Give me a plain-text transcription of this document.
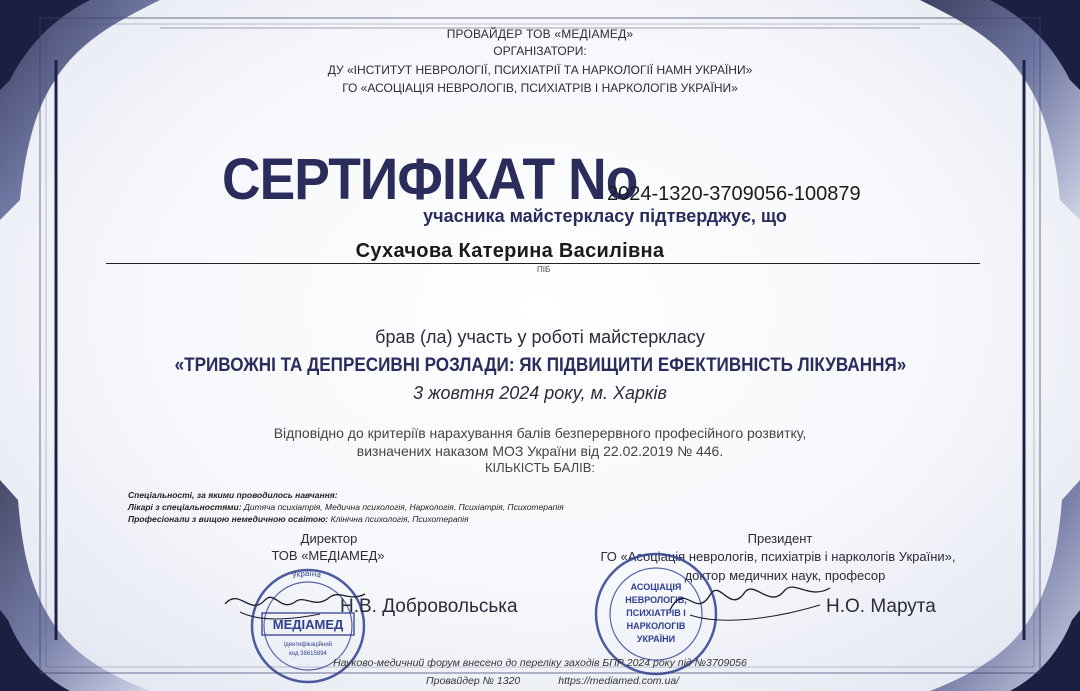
ПРОВАЙДЕР ТОВ «МЕДІАМЕД»
ОРГАНІЗАТОРИ:
ДУ «ІНСТИТУТ НЕВРОЛОГІЇ, ПСИХІАТРІЇ ТА НАРКОЛОГІЇ НАМН УКРАЇНИ»
ГО «АСОЦІАЦІЯ НЕВРОЛОГІВ, ПСИХІАТРІВ І НАРКОЛОГІВ УКРАЇНИ»
СЕРТИФІКАТ No
2024-1320-3709056-100879
учасника майстеркласу підтверджує, що
Сухачова Катерина Василівна
ПІБ
брав (ла) участь у роботі майстеркласу
«ТРИВОЖНІ ТА ДЕПРЕСИВНІ РОЗЛАДИ: ЯК ПІДВИЩИТИ ЕФЕКТИВНІСТЬ ЛІКУВАННЯ»
3 жовтня 2024 року, м. Харків
Відповідно до критеріїв нарахування балів безперервного професійного розвитку,
визначених наказом МОЗ України від 22.02.2019 № 446.
КІЛЬКІСТЬ БАЛІВ:
Спеціальності, за якими проводилось навчання:
Лікарі з спеціальностями: Дитяча психіатрія, Медична психологія, Наркологія, Психіатрія, Психотерапія
Професіонали з вищою немедичною освітою: Клінічна психологія, Психотерапія
Директор
ТОВ «МЕДІАМЕД»
Україна
МЕДІАМЕД
ідентифікаційний
код 38615894
Н.В. Добровольська
Президент
ГО «Асоціація неврологів, психіатрів і наркологів України»,
доктор медичних наук, професор
АСОЦІАЦІЯ
НЕВРОЛОГІВ,
ПСИХІАТРІВ І
НАРКОЛОГІВ
УКРАЇНИ
Н.О. Марута
Науково-медичний форум внесено до переліку заходів БПР 2024 року під №3709056
Провайдер № 1320	https://mediamed.com.ua/
